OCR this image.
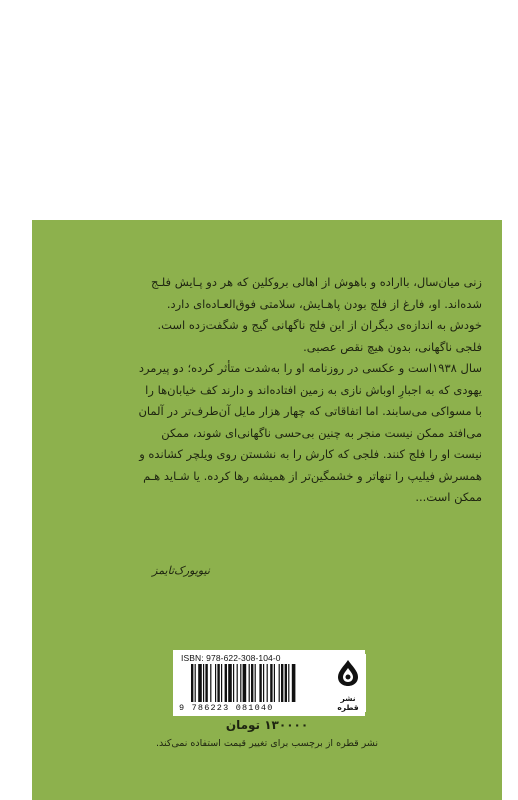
زنی میان‌سال، بااراده و باهوش از اهالی بروکلین که هر دو پـایش فلـج

شده‌اند. او، فارغ از فلج بودن پاهـایش، سلامتی فوق‌العـاده‌ای دارد.

خودش به اندازه‌ی دیگران از این فلج ناگهانی گیج و شگفت‌زده است.

فلجی ناگهانی، بدون هیچ نقص عصبی.

سال ۱۹۳۸است و عکسی در روزنامه او را به‌شدت متأثر کرده؛ دو پیرمرد

یهودی که به اجبارِ اوباش نازی به زمین افتاده‌اند و دارند کف خیابان‌ها را

با مسواکی می‌سابند. اما اتفاقاتی که چهار هزار مایل آن‌طرف‌تر در آلمان

می‌افتد ممکن نیست منجر به چنین بی‌حسی ناگهانی‌ای شوند، ممکن

نیست او را فلج کنند. فلجی که کارش را به نشستن روی ویلچر کشانده و

همسرش فیلیپ را تنهاتر و خشمگین‌تر از همیشه رها کرده. یا شـاید هـم

ممکن است...

نیویورک‌تایمز
ISBN: 978-622-308-104-0
9 786223 081040
نشر قطره
۱۳۰۰۰۰ تومان
نشر قطره از برچسب برای تغییر قیمت استفاده نمی‌کند.
